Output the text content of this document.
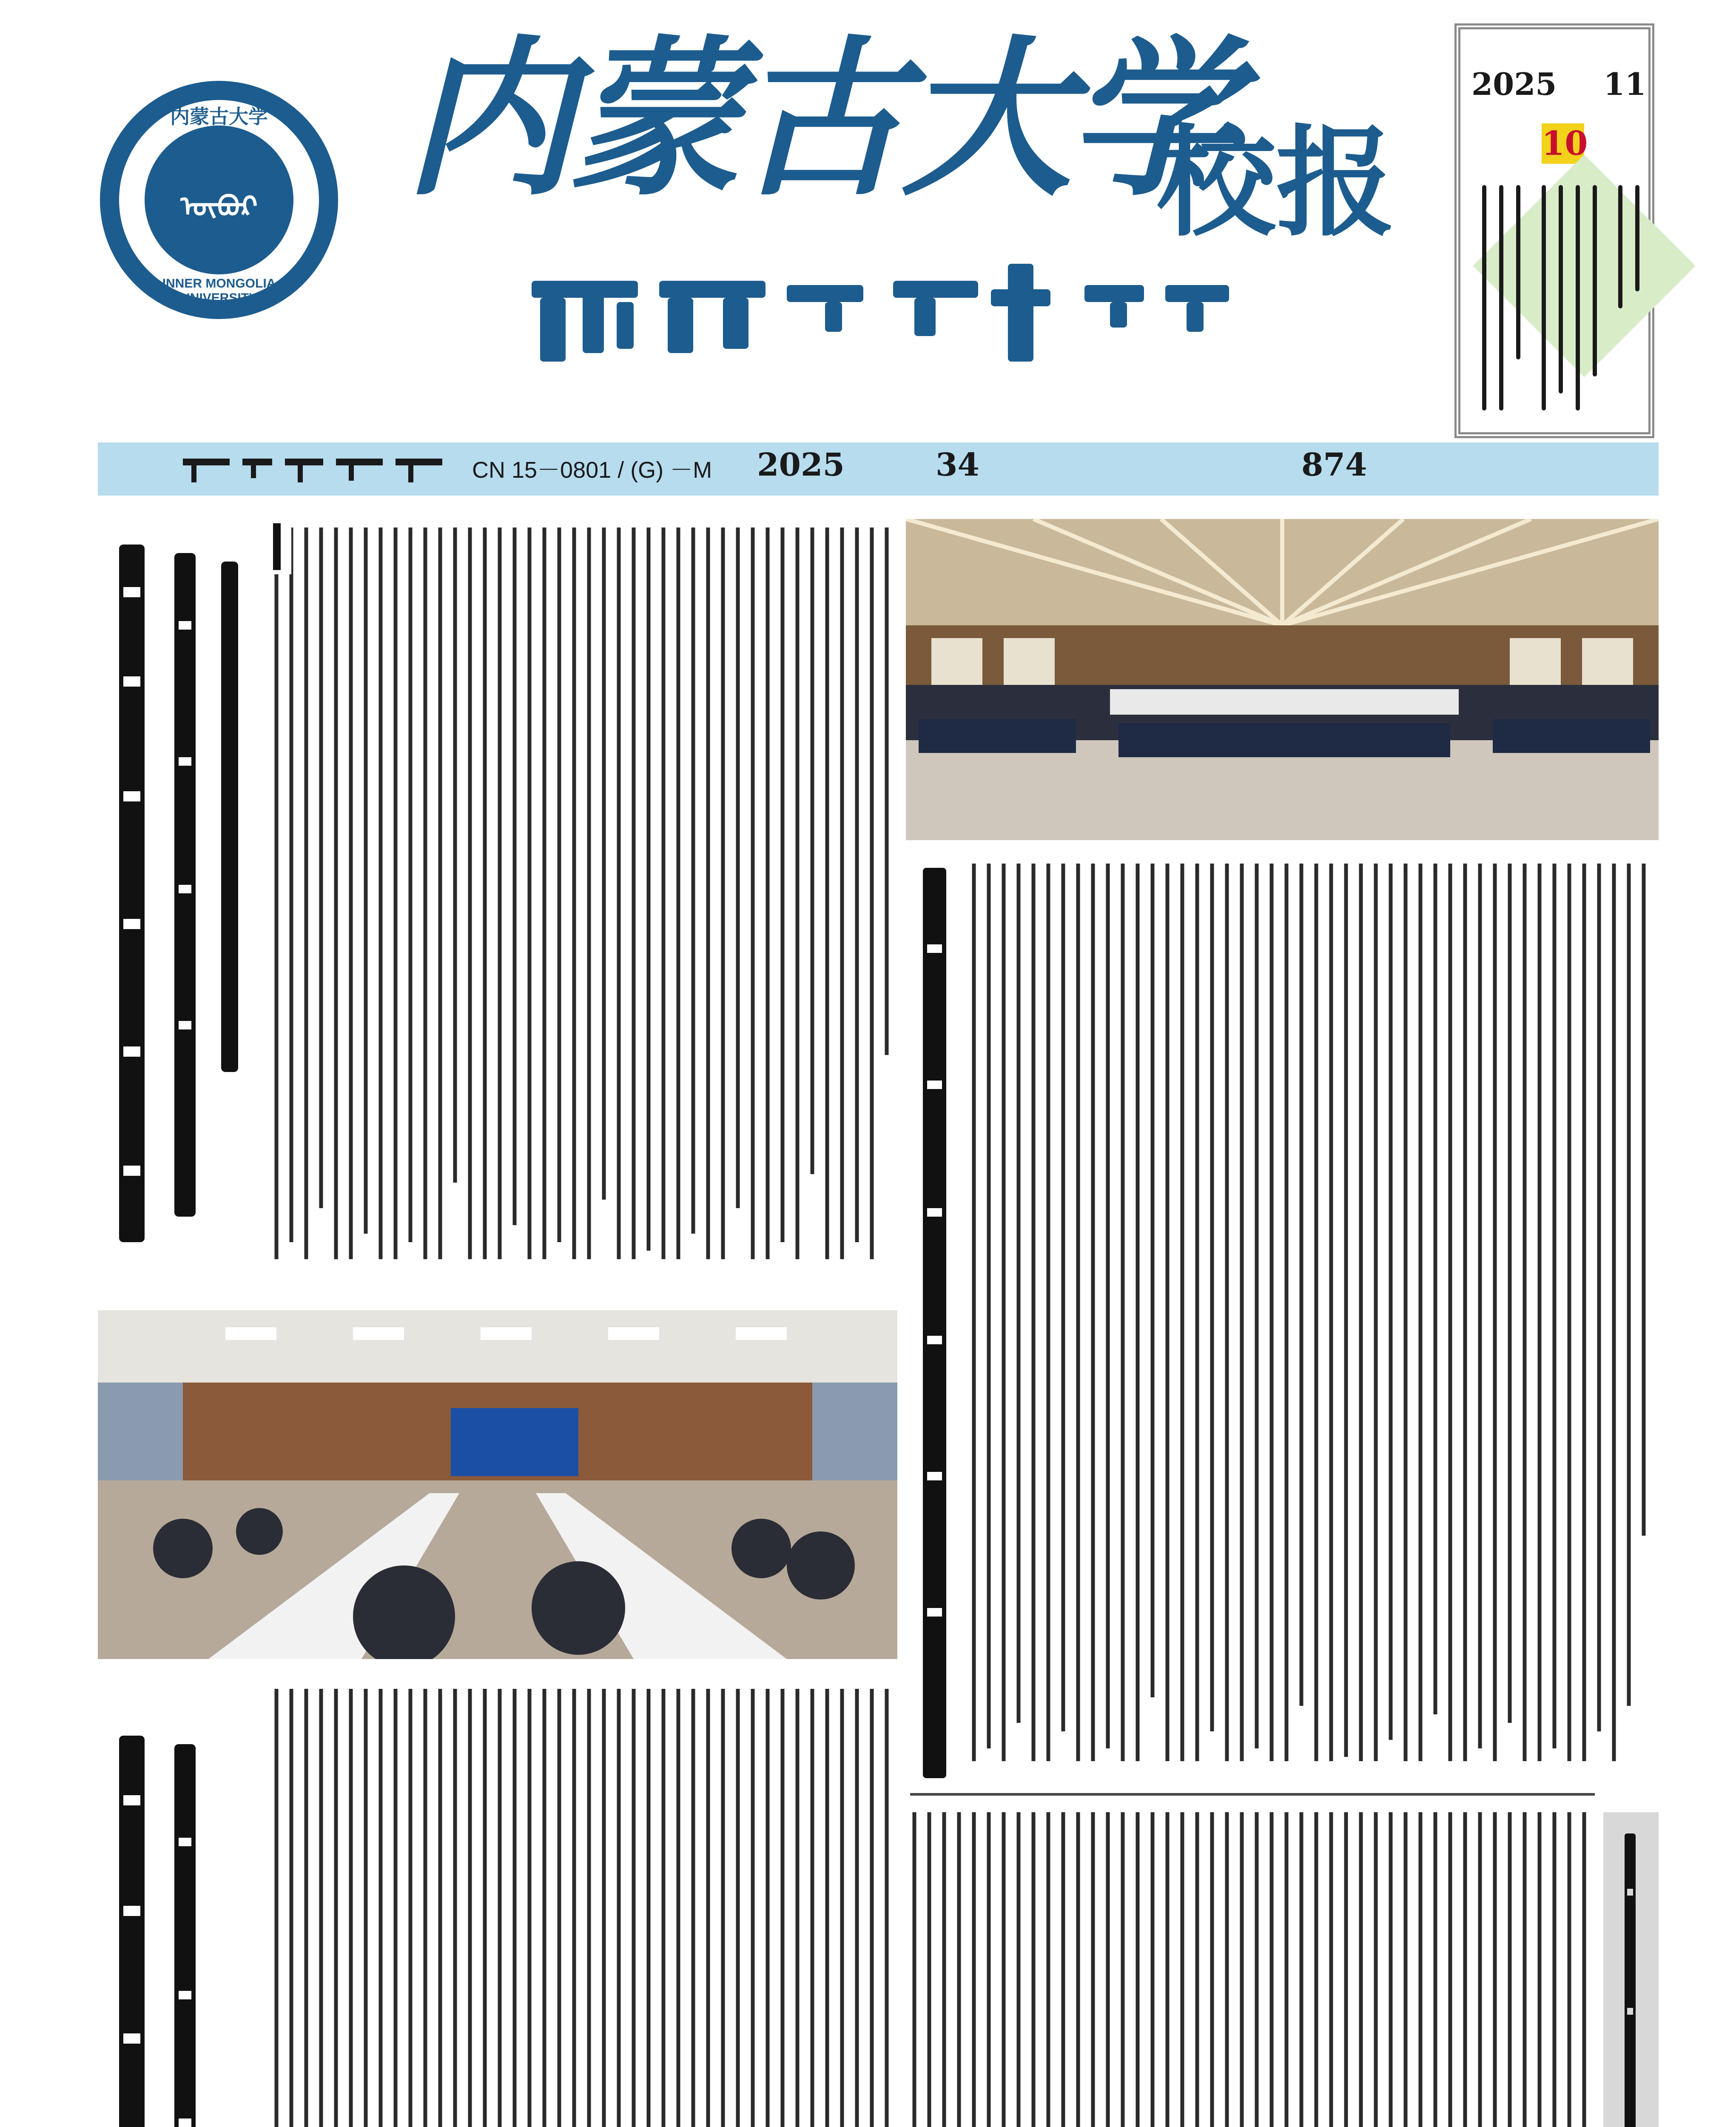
ᠦᠪᠦᠷ
内蒙古大学
INNER MONGOLIA UNIVERSITY
1957
内蒙古大学
校报
2025 11
10
CN 15－0801 / (G) －M 2025	34	874
